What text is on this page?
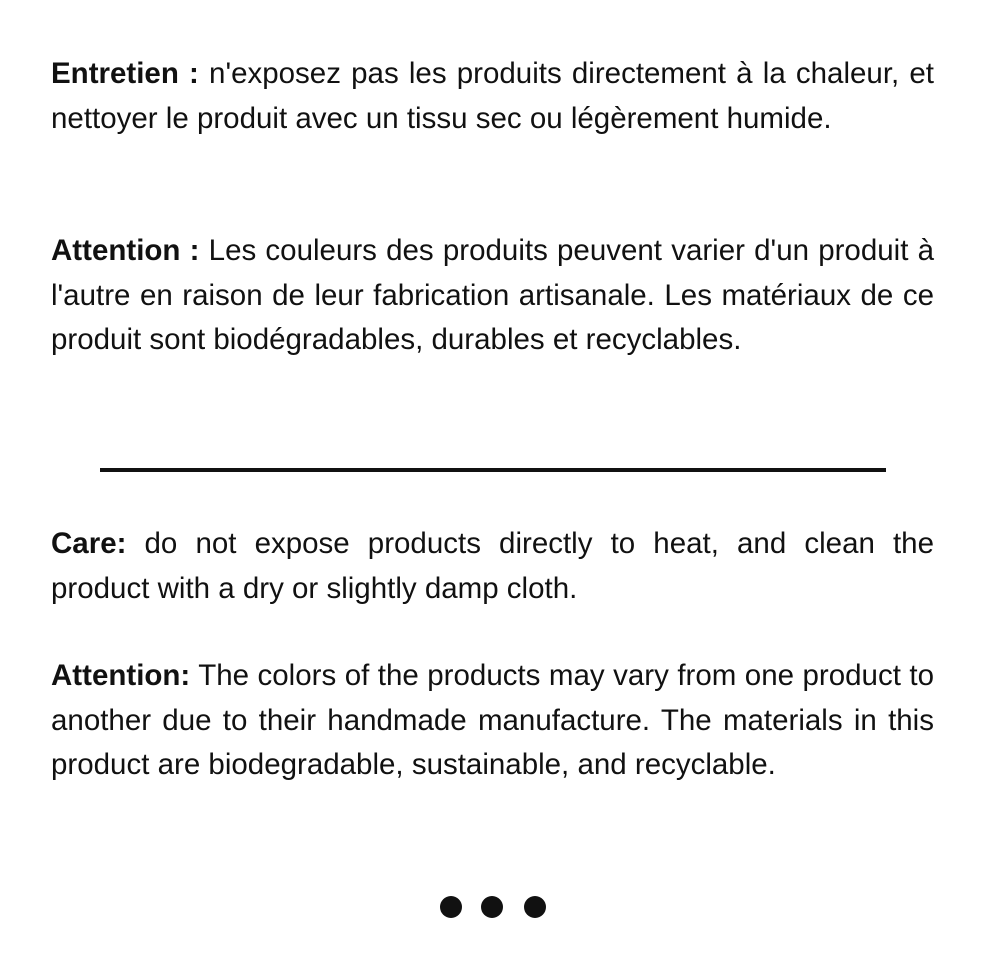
Entretien : n'exposez pas les produits directement à la chaleur, et nettoyer le produit avec un tissu sec ou légèrement humide.

Attention : Les couleurs des produits peuvent varier d'un produit à l'autre en raison de leur fabrication artisanale. Les matériaux de ce produit sont biodégradables, durables et recyclables.

Care: do not expose products directly to heat, and clean the product with a dry or slightly damp cloth.

Attention: The colors of the products may vary from one product to another due to their handmade manufacture. The materials in this product are biodegradable, sustainable, and recyclable.
